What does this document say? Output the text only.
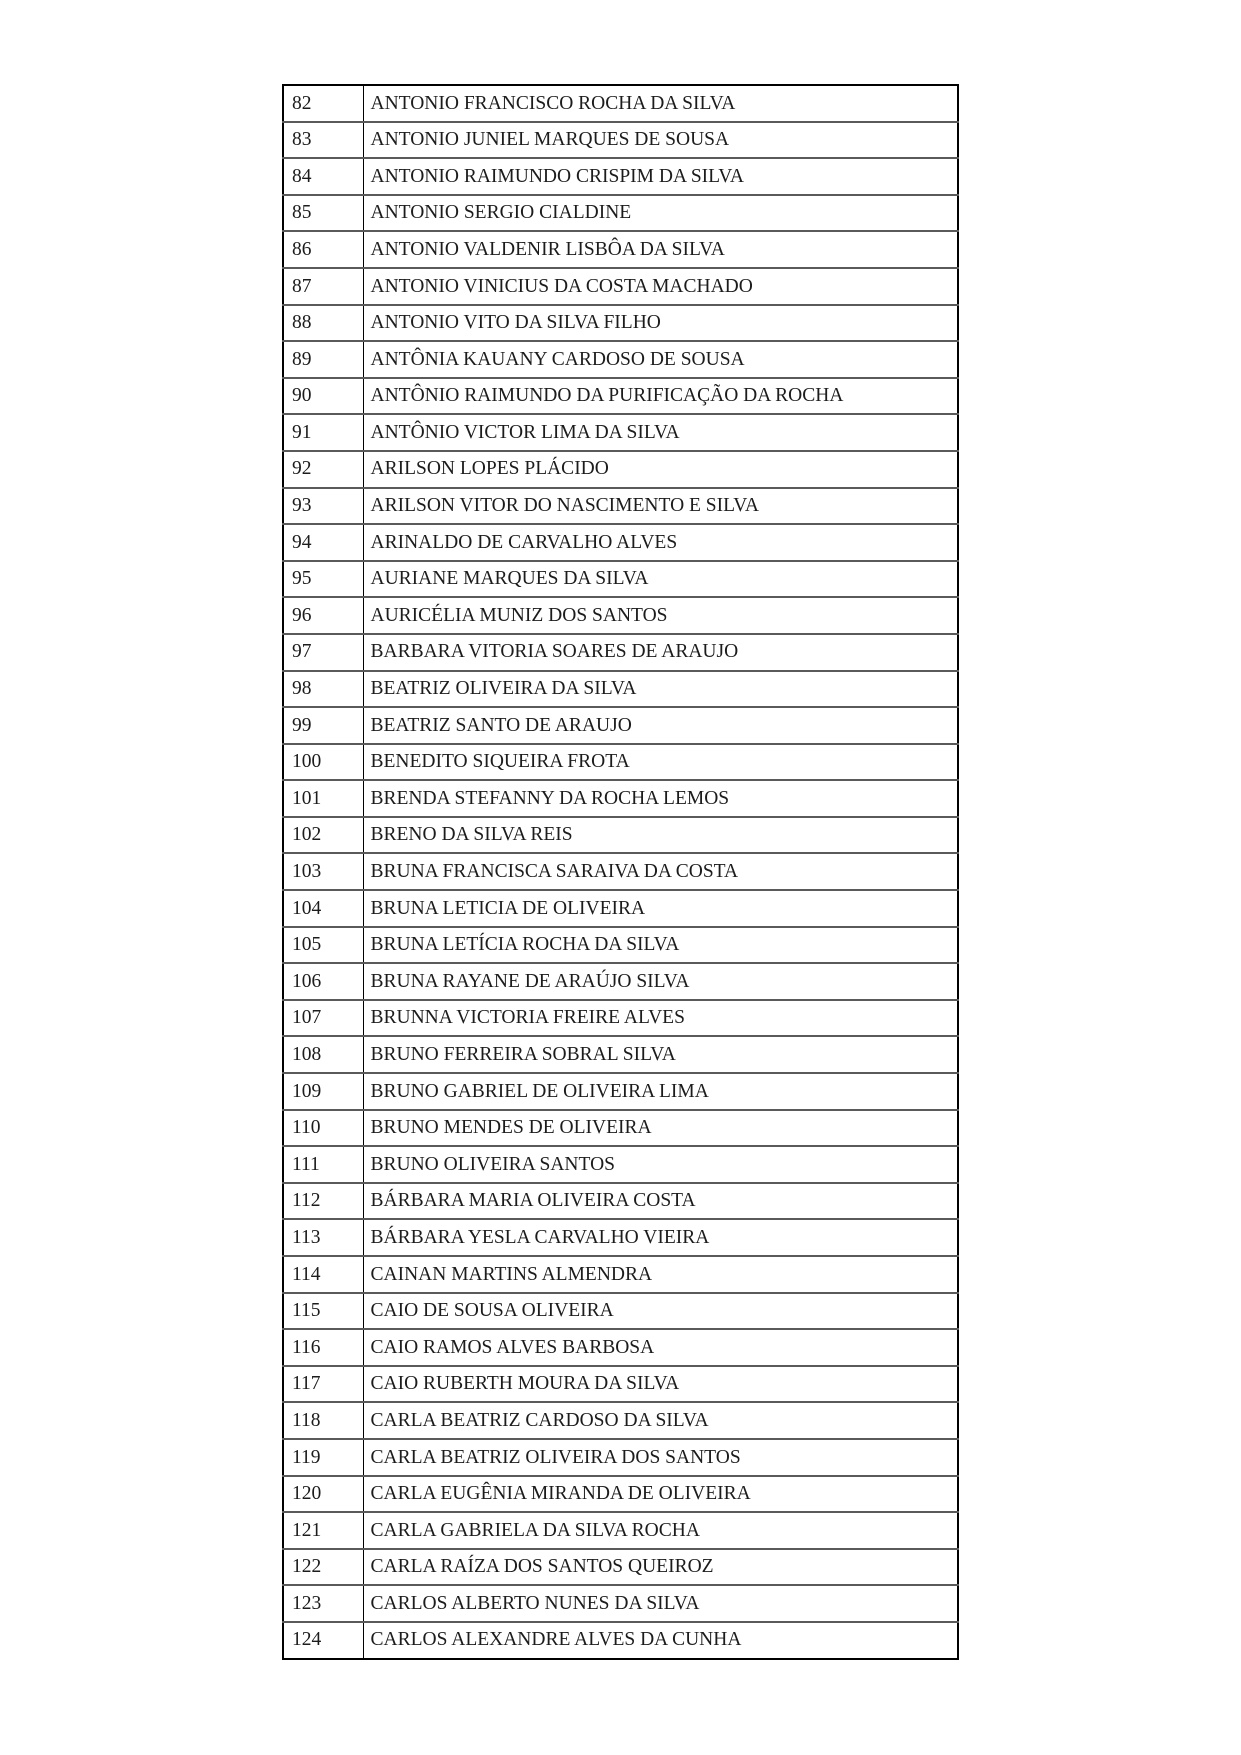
82	ANTONIO FRANCISCO ROCHA DA SILVA
83	ANTONIO JUNIEL MARQUES DE SOUSA
84	ANTONIO RAIMUNDO CRISPIM DA SILVA
85	ANTONIO SERGIO CIALDINE
86	ANTONIO VALDENIR LISBÔA DA SILVA
87	ANTONIO VINICIUS DA COSTA MACHADO
88	ANTONIO VITO DA SILVA FILHO
89	ANTÔNIA KAUANY CARDOSO DE SOUSA
90	ANTÔNIO RAIMUNDO DA PURIFICAÇÃO DA ROCHA
91	ANTÔNIO VICTOR LIMA DA SILVA
92	ARILSON LOPES PLÁCIDO
93	ARILSON VITOR DO NASCIMENTO E SILVA
94	ARINALDO DE CARVALHO ALVES
95	AURIANE MARQUES DA SILVA
96	AURICÉLIA MUNIZ DOS SANTOS
97	BARBARA VITORIA SOARES DE ARAUJO
98	BEATRIZ OLIVEIRA DA SILVA
99	BEATRIZ SANTO DE ARAUJO
100	BENEDITO SIQUEIRA FROTA
101	BRENDA STEFANNY DA ROCHA LEMOS
102	BRENO DA SILVA REIS
103	BRUNA FRANCISCA SARAIVA DA COSTA
104	BRUNA LETICIA DE OLIVEIRA
105	BRUNA LETÍCIA ROCHA DA SILVA
106	BRUNA RAYANE DE ARAÚJO SILVA
107	BRUNNA VICTORIA FREIRE ALVES
108	BRUNO FERREIRA SOBRAL SILVA
109	BRUNO GABRIEL DE OLIVEIRA LIMA
110	BRUNO MENDES DE OLIVEIRA
111	BRUNO OLIVEIRA SANTOS
112	BÁRBARA MARIA OLIVEIRA COSTA
113	BÁRBARA YESLA CARVALHO VIEIRA
114	CAINAN MARTINS ALMENDRA
115	CAIO DE SOUSA OLIVEIRA
116	CAIO RAMOS ALVES BARBOSA
117	CAIO RUBERTH MOURA DA SILVA
118	CARLA BEATRIZ CARDOSO DA SILVA
119	CARLA BEATRIZ OLIVEIRA DOS SANTOS
120	CARLA EUGÊNIA MIRANDA DE OLIVEIRA
121	CARLA GABRIELA DA SILVA ROCHA
122	CARLA RAÍZA DOS SANTOS QUEIROZ
123	CARLOS ALBERTO NUNES DA SILVA
124	CARLOS ALEXANDRE ALVES DA CUNHA
